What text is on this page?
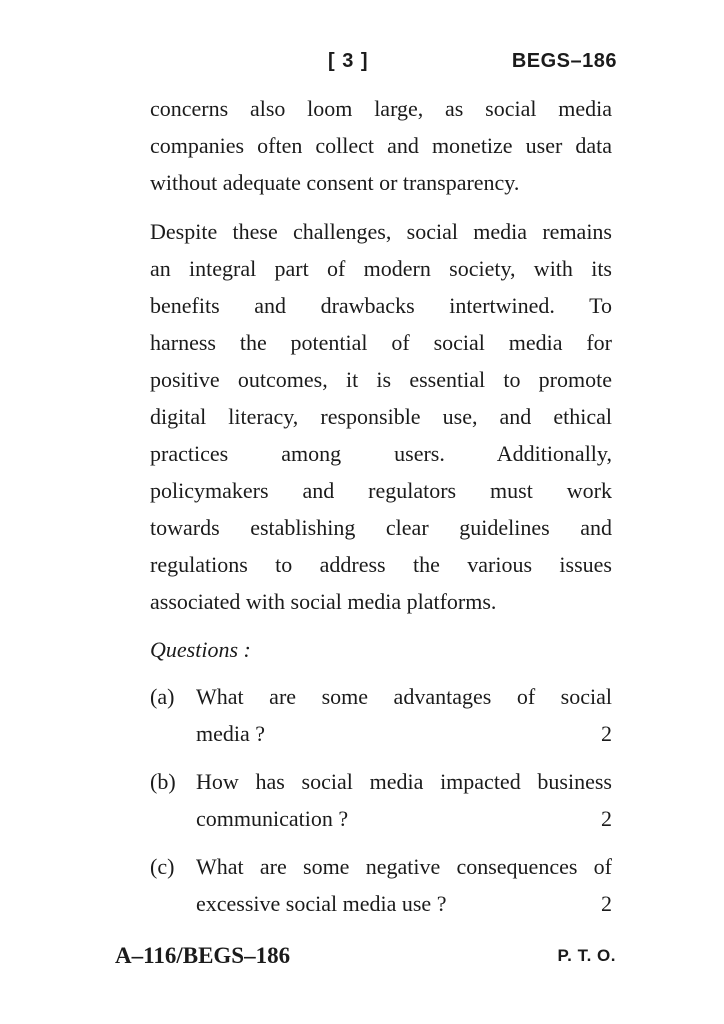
[ 3 ]	BEGS–186
concerns also loom large, as social media
companies often collect and monetize user data
without adequate consent or transparency.
Despite these challenges, social media remains
an integral part of modern society, with its
benefits and drawbacks intertwined. To
harness the potential of social media for
positive outcomes, it is essential to promote
digital literacy, responsible use, and ethical
practices among users. Additionally,
policymakers and regulators must work
towards establishing clear guidelines and
regulations to address the various issues
associated with social media platforms.
Questions :
(a) What are some advantages of social
media ?	2
(b) How has social media impacted business
communication ?	2
(c) What are some negative consequences of
excessive social media use ?	2
A–116/BEGS–186	P. T. O.
